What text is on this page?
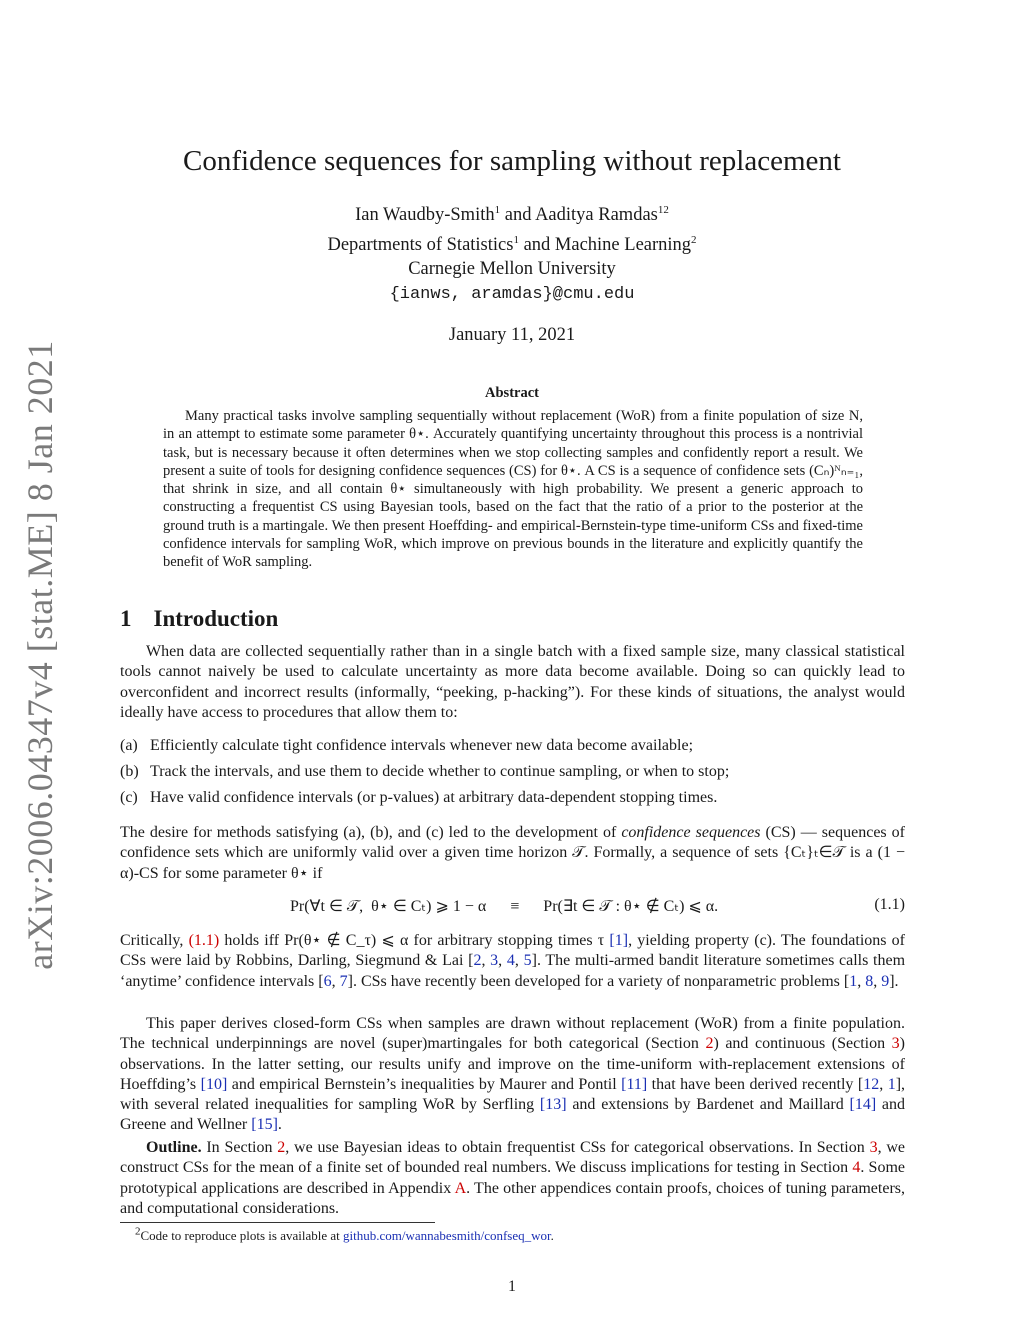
arXiv:2006.04347v4 [stat.ME] 8 Jan 2021
Confidence sequences for sampling without replacement
Ian Waudby-Smith$^1$ and Aaditya Ramdas$^{12}$
Departments of Statistics$^1$ and Machine Learning$^2$
Carnegie Mellon University
{ianws, aramdas}@cmu.edu
January 11, 2021
Abstract
Many practical tasks involve sampling sequentially without replacement (WoR) from a finite population of size N, in an attempt to estimate some parameter θ⋆. Accurately quantifying uncertainty throughout this process is a nontrivial task, but is necessary because it often determines when we stop collecting samples and confidently report a result. We present a suite of tools for designing confidence sequences (CS) for θ⋆. A CS is a sequence of confidence sets (Cₙ)ᴺₙ₌₁, that shrink in size, and all contain θ⋆ simultaneously with high probability. We present a generic approach to constructing a frequentist CS using Bayesian tools, based on the fact that the ratio of a prior to the posterior at the ground truth is a martingale. We then present Hoeffding- and empirical-Bernstein-type time-uniform CSs and fixed-time confidence intervals for sampling WoR, which improve on previous bounds in the literature and explicitly quantify the benefit of WoR sampling.
1 Introduction
When data are collected sequentially rather than in a single batch with a fixed sample size, many classical statistical tools cannot naively be used to calculate uncertainty as more data become available. Doing so can quickly lead to overconfident and incorrect results (informally, “peeking, p-hacking”). For these kinds of situations, the analyst would ideally have access to procedures that allow them to:
(a) Efficiently calculate tight confidence intervals whenever new data become available;
(b) Track the intervals, and use them to decide whether to continue sampling, or when to stop;
(c) Have valid confidence intervals (or p-values) at arbitrary data-dependent stopping times.
The desire for methods satisfying (a), (b), and (c) led to the development of confidence sequences (CS) — sequences of confidence sets which are uniformly valid over a given time horizon 𝒯. Formally, a sequence of sets {Cₜ}ₜ∈𝒯 is a (1 − α)-CS for some parameter θ⋆ if
Pr(∀t ∈ 𝒯,  θ⋆ ∈ Cₜ) ⩾ 1 − α      ≡      Pr(∃t ∈ 𝒯 : θ⋆ ∉ Cₜ) ⩽ α.	(1.1)
Critically, (1.1) holds iff Pr(θ⋆ ∉ C_τ) ⩽ α for arbitrary stopping times τ [1], yielding property (c). The foundations of CSs were laid by Robbins, Darling, Siegmund & Lai [2, 3, 4, 5]. The multi-armed bandit literature sometimes calls them ‘anytime’ confidence intervals [6, 7]. CSs have recently been developed for a variety of nonparametric problems [1, 8, 9].
This paper derives closed-form CSs when samples are drawn without replacement (WoR) from a finite population. The technical underpinnings are novel (super)martingales for both categorical (Section 2) and continuous (Section 3) observations. In the latter setting, our results unify and improve on the time-uniform with-replacement extensions of Hoeffding’s [10] and empirical Bernstein’s inequalities by Maurer and Pontil [11] that have been derived recently [12, 1], with several related inequalities for sampling WoR by Serfling [13] and extensions by Bardenet and Maillard [14] and Greene and Wellner [15].
Outline. In Section 2, we use Bayesian ideas to obtain frequentist CSs for categorical observations. In Section 3, we construct CSs for the mean of a finite set of bounded real numbers. We discuss implications for testing in Section 4. Some prototypical applications are described in Appendix A. The other appendices contain proofs, choices of tuning parameters, and computational considerations.
$^2$Code to reproduce plots is available at github.com/wannabesmith/confseq_wor.
1
